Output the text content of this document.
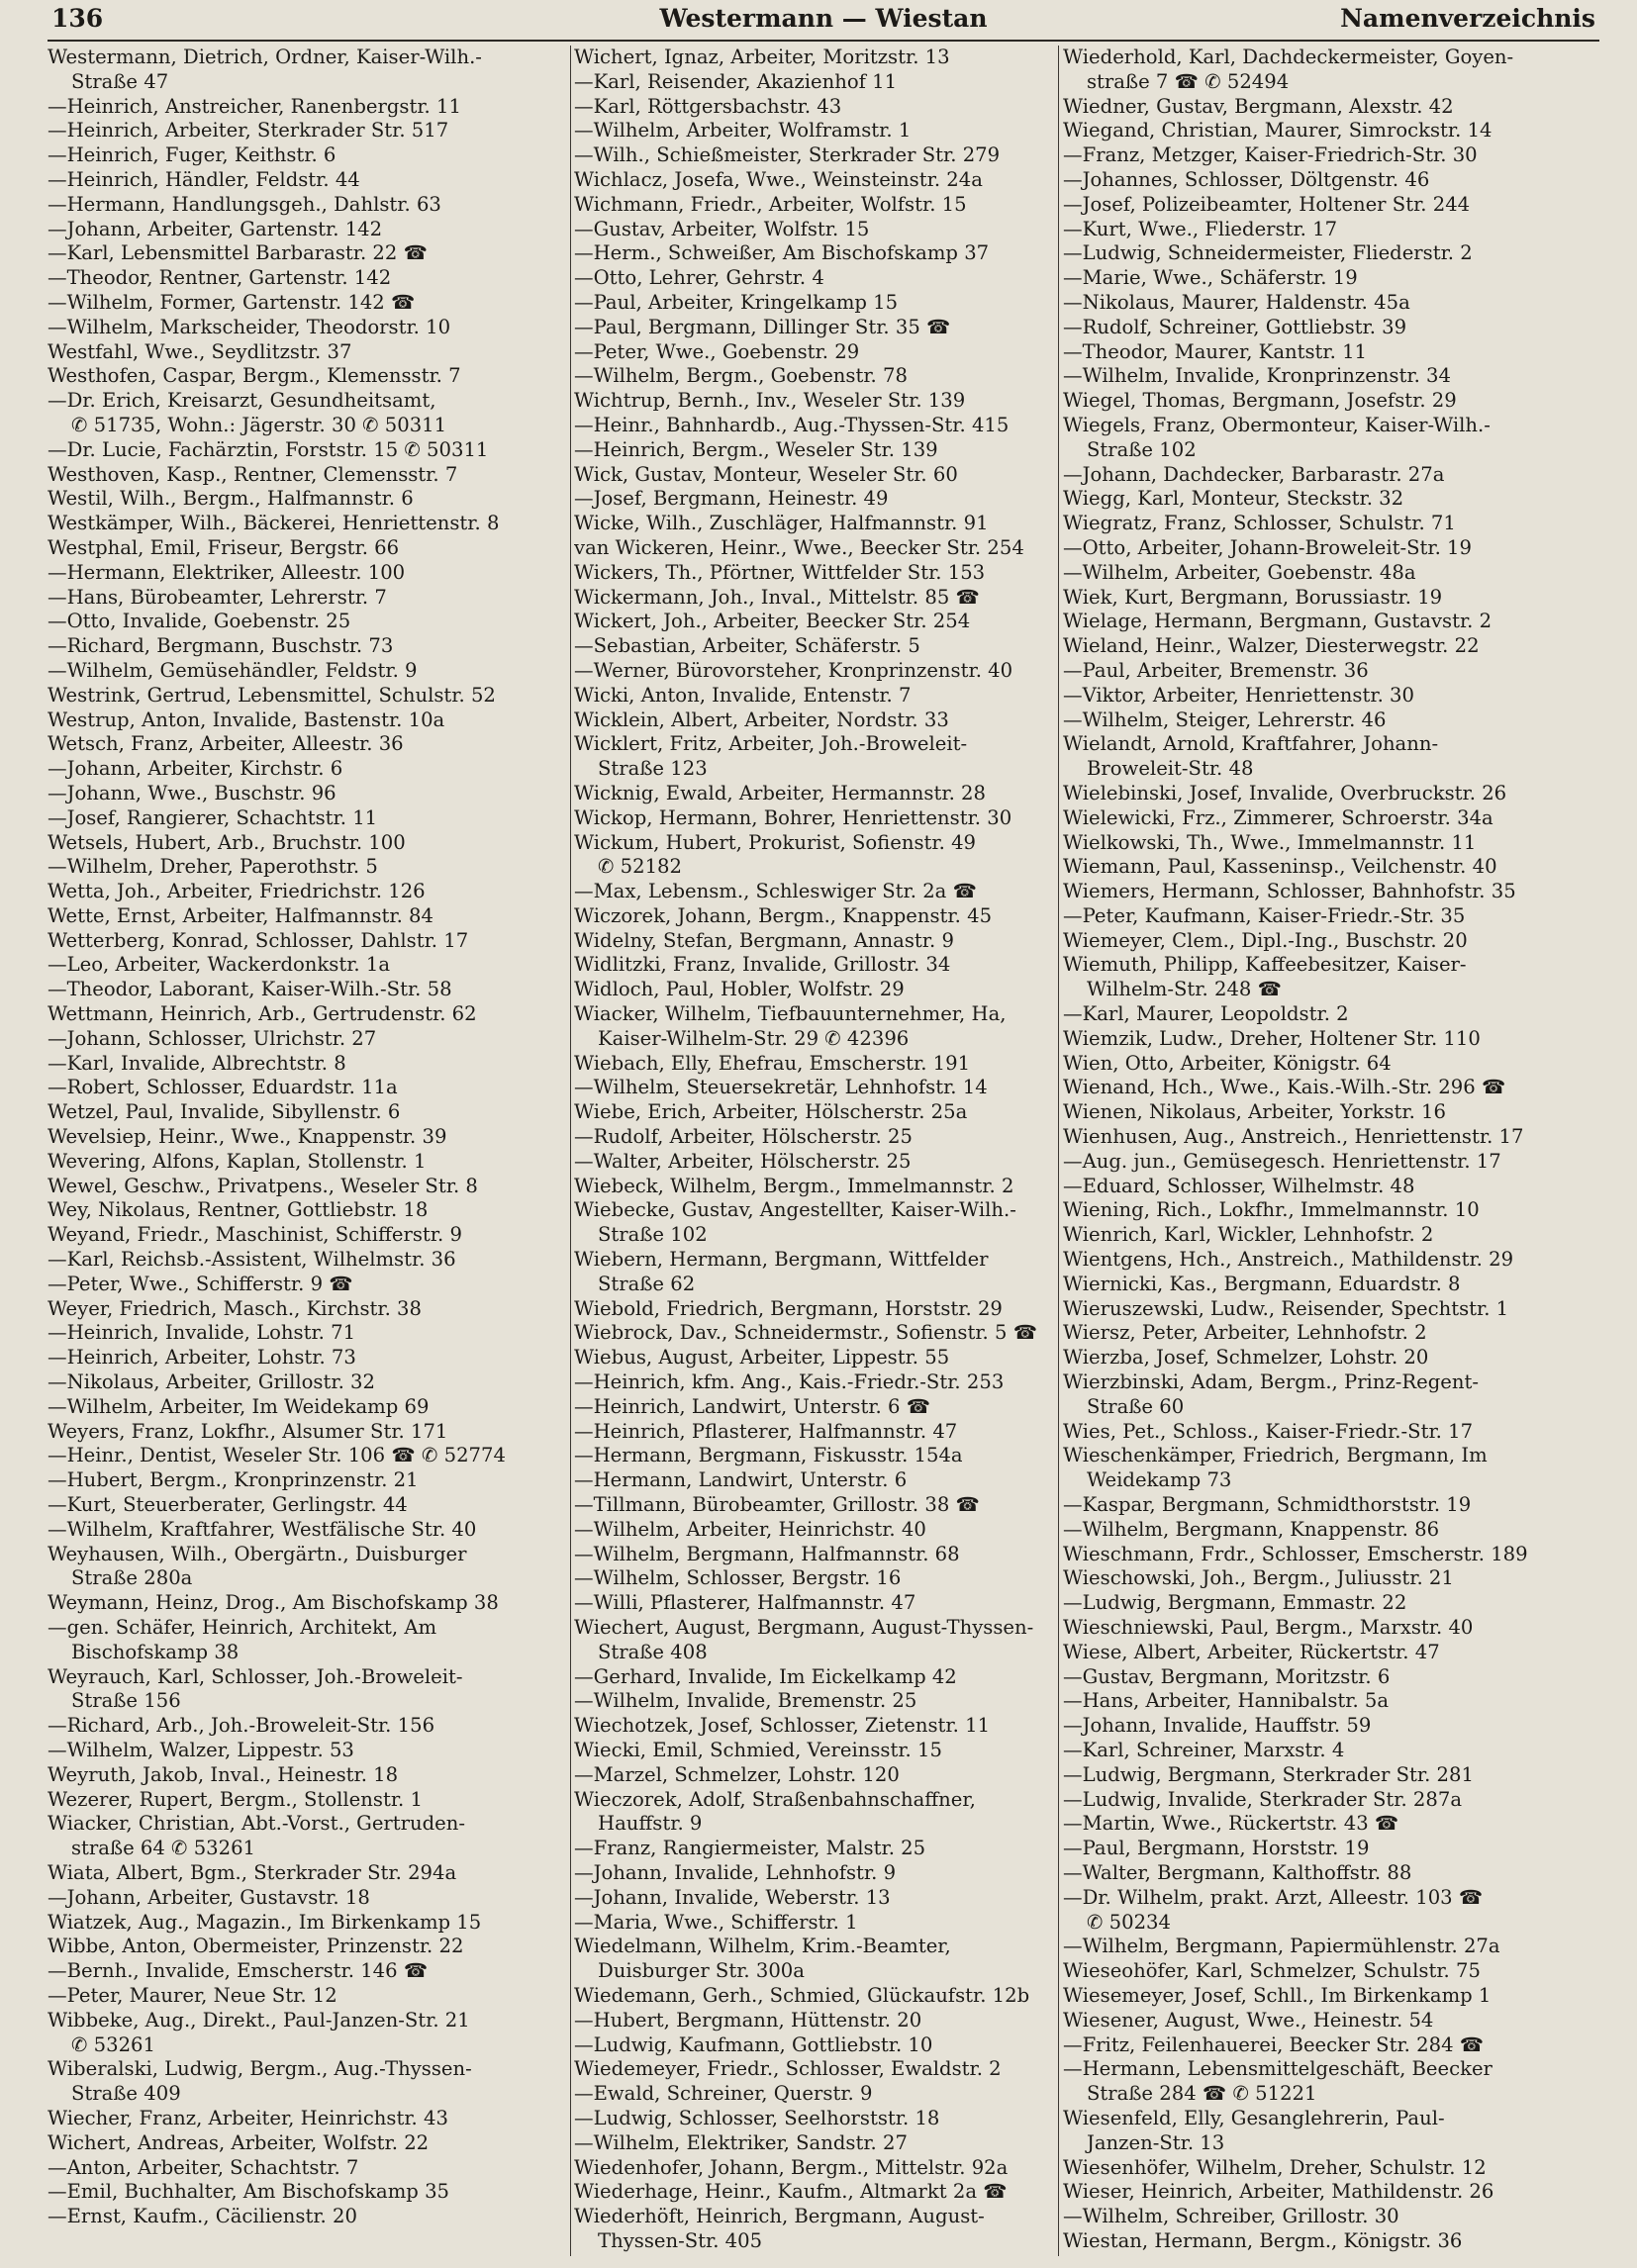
136	Westermann — Wiestan	Namenverzeichnis
Westermann, Dietrich, Ordner, Kaiser-Wilh.-
Straße 47
—Heinrich, Anstreicher, Ranenbergstr. 11
—Heinrich, Arbeiter, Sterkrader Str. 517
—Heinrich, Fuger, Keithstr. 6
—Heinrich, Händler, Feldstr. 44
—Hermann, Handlungsgeh., Dahlstr. 63
—Johann, Arbeiter, Gartenstr. 142
—Karl, Lebensmittel Barbarastr. 22 ☎
—Theodor, Rentner, Gartenstr. 142
—Wilhelm, Former, Gartenstr. 142 ☎
—Wilhelm, Markscheider, Theodorstr. 10
Westfahl, Wwe., Seydlitzstr. 37
Westhofen, Caspar, Bergm., Klemensstr. 7
—Dr. Erich, Kreisarzt, Gesundheitsamt,
✆ 51735, Wohn.: Jägerstr. 30 ✆ 50311
—Dr. Lucie, Fachärztin, Forststr. 15 ✆ 50311
Westhoven, Kasp., Rentner, Clemensstr. 7
Westil, Wilh., Bergm., Halfmannstr. 6
Westkämper, Wilh., Bäckerei, Henriettenstr. 8
Westphal, Emil, Friseur, Bergstr. 66
—Hermann, Elektriker, Alleestr. 100
—Hans, Bürobeamter, Lehrerstr. 7
—Otto, Invalide, Goebenstr. 25
—Richard, Bergmann, Buschstr. 73
—Wilhelm, Gemüsehändler, Feldstr. 9
Westrink, Gertrud, Lebensmittel, Schulstr. 52
Westrup, Anton, Invalide, Bastenstr. 10a
Wetsch, Franz, Arbeiter, Alleestr. 36
—Johann, Arbeiter, Kirchstr. 6
—Johann, Wwe., Buschstr. 96
—Josef, Rangierer, Schachtstr. 11
Wetsels, Hubert, Arb., Bruchstr. 100
—Wilhelm, Dreher, Paperothstr. 5
Wetta, Joh., Arbeiter, Friedrichstr. 126
Wette, Ernst, Arbeiter, Halfmannstr. 84
Wetterberg, Konrad, Schlosser, Dahlstr. 17
—Leo, Arbeiter, Wackerdonkstr. 1a
—Theodor, Laborant, Kaiser-Wilh.-Str. 58
Wettmann, Heinrich, Arb., Gertrudenstr. 62
—Johann, Schlosser, Ulrichstr. 27
—Karl, Invalide, Albrechtstr. 8
—Robert, Schlosser, Eduardstr. 11a
Wetzel, Paul, Invalide, Sibyllenstr. 6
Wevelsiep, Heinr., Wwe., Knappenstr. 39
Wevering, Alfons, Kaplan, Stollenstr. 1
Wewel, Geschw., Privatpens., Weseler Str. 8
Wey, Nikolaus, Rentner, Gottliebstr. 18
Weyand, Friedr., Maschinist, Schifferstr. 9
—Karl, Reichsb.-Assistent, Wilhelmstr. 36
—Peter, Wwe., Schifferstr. 9 ☎
Weyer, Friedrich, Masch., Kirchstr. 38
—Heinrich, Invalide, Lohstr. 71
—Heinrich, Arbeiter, Lohstr. 73
—Nikolaus, Arbeiter, Grillostr. 32
—Wilhelm, Arbeiter, Im Weidekamp 69
Weyers, Franz, Lokfhr., Alsumer Str. 171
—Heinr., Dentist, Weseler Str. 106 ☎ ✆ 52774
—Hubert, Bergm., Kronprinzenstr. 21
—Kurt, Steuerberater, Gerlingstr. 44
—Wilhelm, Kraftfahrer, Westfälische Str. 40
Weyhausen, Wilh., Obergärtn., Duisburger
Straße 280a
Weymann, Heinz, Drog., Am Bischofskamp 38
—gen. Schäfer, Heinrich, Architekt, Am
Bischofskamp 38
Weyrauch, Karl, Schlosser, Joh.-Broweleit-
Straße 156
—Richard, Arb., Joh.-Broweleit-Str. 156
—Wilhelm, Walzer, Lippestr. 53
Weyruth, Jakob, Inval., Heinestr. 18
Wezerer, Rupert, Bergm., Stollenstr. 1
Wiacker, Christian, Abt.-Vorst., Gertruden-
straße 64 ✆ 53261
Wiata, Albert, Bgm., Sterkrader Str. 294a
—Johann, Arbeiter, Gustavstr. 18
Wiatzek, Aug., Magazin., Im Birkenkamp 15
Wibbe, Anton, Obermeister, Prinzenstr. 22
—Bernh., Invalide, Emscherstr. 146 ☎
—Peter, Maurer, Neue Str. 12
Wibbeke, Aug., Direkt., Paul-Janzen-Str. 21
✆ 53261
Wiberalski, Ludwig, Bergm., Aug.-Thyssen-
Straße 409
Wiecher, Franz, Arbeiter, Heinrichstr. 43
Wichert, Andreas, Arbeiter, Wolfstr. 22
—Anton, Arbeiter, Schachtstr. 7
—Emil, Buchhalter, Am Bischofskamp 35
—Ernst, Kaufm., Cäcilienstr. 20
Wichert, Ignaz, Arbeiter, Moritzstr. 13
—Karl, Reisender, Akazienhof 11
—Karl, Röttgersbachstr. 43
—Wilhelm, Arbeiter, Wolframstr. 1
—Wilh., Schießmeister, Sterkrader Str. 279
Wichlacz, Josefa, Wwe., Weinsteinstr. 24a
Wichmann, Friedr., Arbeiter, Wolfstr. 15
—Gustav, Arbeiter, Wolfstr. 15
—Herm., Schweißer, Am Bischofskamp 37
—Otto, Lehrer, Gehrstr. 4
—Paul, Arbeiter, Kringelkamp 15
—Paul, Bergmann, Dillinger Str. 35 ☎
—Peter, Wwe., Goebenstr. 29
—Wilhelm, Bergm., Goebenstr. 78
Wichtrup, Bernh., Inv., Weseler Str. 139
—Heinr., Bahnhardb., Aug.-Thyssen-Str. 415
—Heinrich, Bergm., Weseler Str. 139
Wick, Gustav, Monteur, Weseler Str. 60
—Josef, Bergmann, Heinestr. 49
Wicke, Wilh., Zuschläger, Halfmannstr. 91
van Wickeren, Heinr., Wwe., Beecker Str. 254
Wickers, Th., Pförtner, Wittfelder Str. 153
Wickermann, Joh., Inval., Mittelstr. 85 ☎
Wickert, Joh., Arbeiter, Beecker Str. 254
—Sebastian, Arbeiter, Schäferstr. 5
—Werner, Bürovorsteher, Kronprinzenstr. 40
Wicki, Anton, Invalide, Entenstr. 7
Wicklein, Albert, Arbeiter, Nordstr. 33
Wicklert, Fritz, Arbeiter, Joh.-Broweleit-
Straße 123
Wicknig, Ewald, Arbeiter, Hermannstr. 28
Wickop, Hermann, Bohrer, Henriettenstr. 30
Wickum, Hubert, Prokurist, Sofienstr. 49
✆ 52182
—Max, Lebensm., Schleswiger Str. 2a ☎
Wiczorek, Johann, Bergm., Knappenstr. 45
Widelny, Stefan, Bergmann, Annastr. 9
Widlitzki, Franz, Invalide, Grillostr. 34
Widloch, Paul, Hobler, Wolfstr. 29
Wiacker, Wilhelm, Tiefbauunternehmer, Ha,
Kaiser-Wilhelm-Str. 29 ✆ 42396
Wiebach, Elly, Ehefrau, Emscherstr. 191
—Wilhelm, Steuersekretär, Lehnhofstr. 14
Wiebe, Erich, Arbeiter, Hölscherstr. 25a
—Rudolf, Arbeiter, Hölscherstr. 25
—Walter, Arbeiter, Hölscherstr. 25
Wiebeck, Wilhelm, Bergm., Immelmannstr. 2
Wiebecke, Gustav, Angestellter, Kaiser-Wilh.-
Straße 102
Wiebern, Hermann, Bergmann, Wittfelder
Straße 62
Wiebold, Friedrich, Bergmann, Horststr. 29
Wiebrock, Dav., Schneidermstr., Sofienstr. 5 ☎
Wiebus, August, Arbeiter, Lippestr. 55
—Heinrich, kfm. Ang., Kais.-Friedr.-Str. 253
—Heinrich, Landwirt, Unterstr. 6 ☎
—Heinrich, Pflasterer, Halfmannstr. 47
—Hermann, Bergmann, Fiskusstr. 154a
—Hermann, Landwirt, Unterstr. 6
—Tillmann, Bürobeamter, Grillostr. 38 ☎
—Wilhelm, Arbeiter, Heinrichstr. 40
—Wilhelm, Bergmann, Halfmannstr. 68
—Wilhelm, Schlosser, Bergstr. 16
—Willi, Pflasterer, Halfmannstr. 47
Wiechert, August, Bergmann, August-Thyssen-
Straße 408
—Gerhard, Invalide, Im Eickelkamp 42
—Wilhelm, Invalide, Bremenstr. 25
Wiechotzek, Josef, Schlosser, Zietenstr. 11
Wiecki, Emil, Schmied, Vereinsstr. 15
—Marzel, Schmelzer, Lohstr. 120
Wieczorek, Adolf, Straßenbahnschaffner,
Hauffstr. 9
—Franz, Rangiermeister, Malstr. 25
—Johann, Invalide, Lehnhofstr. 9
—Johann, Invalide, Weberstr. 13
—Maria, Wwe., Schifferstr. 1
Wiedelmann, Wilhelm, Krim.-Beamter,
Duisburger Str. 300a
Wiedemann, Gerh., Schmied, Glückaufstr. 12b
—Hubert, Bergmann, Hüttenstr. 20
—Ludwig, Kaufmann, Gottliebstr. 10
Wiedemeyer, Friedr., Schlosser, Ewaldstr. 2
—Ewald, Schreiner, Querstr. 9
—Ludwig, Schlosser, Seelhorststr. 18
—Wilhelm, Elektriker, Sandstr. 27
Wiedenhofer, Johann, Bergm., Mittelstr. 92a
Wiederhage, Heinr., Kaufm., Altmarkt 2a ☎
Wiederhöft, Heinrich, Bergmann, August-
Thyssen-Str. 405
Wiederhold, Karl, Dachdeckermeister, Goyen-
straße 7 ☎ ✆ 52494
Wiedner, Gustav, Bergmann, Alexstr. 42
Wiegand, Christian, Maurer, Simrockstr. 14
—Franz, Metzger, Kaiser-Friedrich-Str. 30
—Johannes, Schlosser, Döltgenstr. 46
—Josef, Polizeibeamter, Holtener Str. 244
—Kurt, Wwe., Fliederstr. 17
—Ludwig, Schneidermeister, Fliederstr. 2
—Marie, Wwe., Schäferstr. 19
—Nikolaus, Maurer, Haldenstr. 45a
—Rudolf, Schreiner, Gottliebstr. 39
—Theodor, Maurer, Kantstr. 11
—Wilhelm, Invalide, Kronprinzenstr. 34
Wiegel, Thomas, Bergmann, Josefstr. 29
Wiegels, Franz, Obermonteur, Kaiser-Wilh.-
Straße 102
—Johann, Dachdecker, Barbarastr. 27a
Wiegg, Karl, Monteur, Steckstr. 32
Wiegratz, Franz, Schlosser, Schulstr. 71
—Otto, Arbeiter, Johann-Broweleit-Str. 19
—Wilhelm, Arbeiter, Goebenstr. 48a
Wiek, Kurt, Bergmann, Borussiastr. 19
Wielage, Hermann, Bergmann, Gustavstr. 2
Wieland, Heinr., Walzer, Diesterwegstr. 22
—Paul, Arbeiter, Bremenstr. 36
—Viktor, Arbeiter, Henriettenstr. 30
—Wilhelm, Steiger, Lehrerstr. 46
Wielandt, Arnold, Kraftfahrer, Johann-
Broweleit-Str. 48
Wielebinski, Josef, Invalide, Overbruckstr. 26
Wielewicki, Frz., Zimmerer, Schroerstr. 34a
Wielkowski, Th., Wwe., Immelmannstr. 11
Wiemann, Paul, Kasseninsp., Veilchenstr. 40
Wiemers, Hermann, Schlosser, Bahnhofstr. 35
—Peter, Kaufmann, Kaiser-Friedr.-Str. 35
Wiemeyer, Clem., Dipl.-Ing., Buschstr. 20
Wiemuth, Philipp, Kaffeebesitzer, Kaiser-
Wilhelm-Str. 248 ☎
—Karl, Maurer, Leopoldstr. 2
Wiemzik, Ludw., Dreher, Holtener Str. 110
Wien, Otto, Arbeiter, Königstr. 64
Wienand, Hch., Wwe., Kais.-Wilh.-Str. 296 ☎
Wienen, Nikolaus, Arbeiter, Yorkstr. 16
Wienhusen, Aug., Anstreich., Henriettenstr. 17
—Aug. jun., Gemüsegesch. Henriettenstr. 17
—Eduard, Schlosser, Wilhelmstr. 48
Wiening, Rich., Lokfhr., Immelmannstr. 10
Wienrich, Karl, Wickler, Lehnhofstr. 2
Wientgens, Hch., Anstreich., Mathildenstr. 29
Wiernicki, Kas., Bergmann, Eduardstr. 8
Wieruszewski, Ludw., Reisender, Spechtstr. 1
Wiersz, Peter, Arbeiter, Lehnhofstr. 2
Wierzba, Josef, Schmelzer, Lohstr. 20
Wierzbinski, Adam, Bergm., Prinz-Regent-
Straße 60
Wies, Pet., Schloss., Kaiser-Friedr.-Str. 17
Wieschenkämper, Friedrich, Bergmann, Im
Weidekamp 73
—Kaspar, Bergmann, Schmidthorststr. 19
—Wilhelm, Bergmann, Knappenstr. 86
Wieschmann, Frdr., Schlosser, Emscherstr. 189
Wieschowski, Joh., Bergm., Juliusstr. 21
—Ludwig, Bergmann, Emmastr. 22
Wieschniewski, Paul, Bergm., Marxstr. 40
Wiese, Albert, Arbeiter, Rückertstr. 47
—Gustav, Bergmann, Moritzstr. 6
—Hans, Arbeiter, Hannibalstr. 5a
—Johann, Invalide, Hauffstr. 59
—Karl, Schreiner, Marxstr. 4
—Ludwig, Bergmann, Sterkrader Str. 281
—Ludwig, Invalide, Sterkrader Str. 287a
—Martin, Wwe., Rückertstr. 43 ☎
—Paul, Bergmann, Horststr. 19
—Walter, Bergmann, Kalthoffstr. 88
—Dr. Wilhelm, prakt. Arzt, Alleestr. 103 ☎
✆ 50234
—Wilhelm, Bergmann, Papiermühlenstr. 27a
Wieseohöfer, Karl, Schmelzer, Schulstr. 75
Wiesemeyer, Josef, Schll., Im Birkenkamp 1
Wiesener, August, Wwe., Heinestr. 54
—Fritz, Feilenhauerei, Beecker Str. 284 ☎
—Hermann, Lebensmittelgeschäft, Beecker
Straße 284 ☎ ✆ 51221
Wiesenfeld, Elly, Gesanglehrerin, Paul-
Janzen-Str. 13
Wiesenhöfer, Wilhelm, Dreher, Schulstr. 12
Wieser, Heinrich, Arbeiter, Mathildenstr. 26
—Wilhelm, Schreiber, Grillostr. 30
Wiestan, Hermann, Bergm., Königstr. 36
